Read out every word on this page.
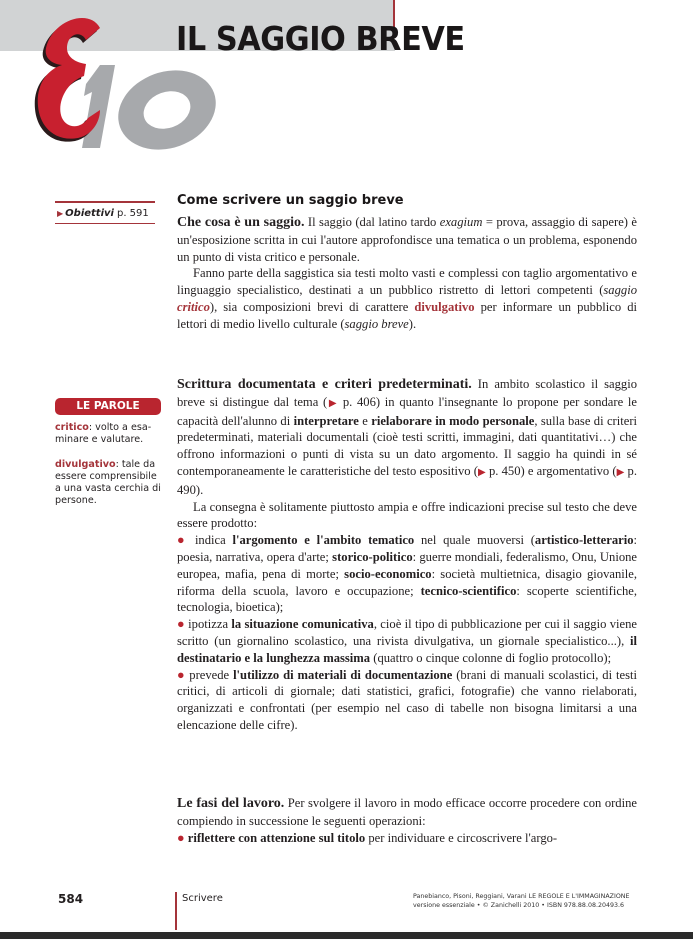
IL SAGGIO BREVE
▶ Obiettivi p. 591
LE PAROLE
critico: volto a esaminare e valutare.
divulgativo: tale da essere comprensibile a una vasta cerchia di persone.
Come scrivere un saggio breve

Che cosa è un saggio. Il saggio (dal latino tardo exagium = prova, assaggio di sapere) è un'esposizione scritta in cui l'autore approfondisce una tematica o un problema, esponendo un punto di vista critico e personale.

Fanno parte della saggistica sia testi molto vasti e complessi con taglio argomentativo e linguaggio specialistico, destinati a un pubblico ristretto di lettori competenti (saggio critico), sia composizioni brevi di carattere divulgativo per informare un pubblico di lettori di medio livello culturale (saggio breve).

Scrittura documentata e criteri predeterminati. In ambito scolastico il saggio breve si distingue dal tema (▶ p. 406) in quanto l'insegnante lo propone per sondare le capacità dell'alunno di interpretare e rielaborare in modo personale, sulla base di criteri predeterminati, materiali documentali (cioè testi scritti, immagini, dati quantitativi…) che offrono informazioni o punti di vista su un dato argomento. Il saggio ha quindi in sé contemporaneamente le caratteristiche del testo espositivo (▶ p. 450) e argomentativo (▶ p. 490).

La consegna è solitamente piuttosto ampia e offre indicazioni precise sul testo che deve essere prodotto:

● indica l'argomento e l'ambito tematico nel quale muoversi (artistico-letterario: poesia, narrativa, opera d'arte; storico-politico: guerre mondiali, federalismo, Onu, Unione europea, mafia, pena di morte; socio-economico: società multietnica, disagio giovanile, riforma della scuola, lavoro e occupazione; tecnico-scientifico: scoperte scientifiche, tecnologia, bioetica);

● ipotizza la situazione comunicativa, cioè il tipo di pubblicazione per cui il saggio viene scritto (un giornalino scolastico, una rivista divulgativa, un giornale specialistico...), il destinatario e la lunghezza massima (quattro o cinque colonne di foglio protocollo);

● prevede l'utilizzo di materiali di documentazione (brani di manuali scolastici, di testi critici, di articoli di giornale; dati statistici, grafici, fotografie) che vanno rielaborati, organizzati e confrontati (per esempio nel caso di tabelle non bisogna limitarsi a una elencazione delle cifre).

Le fasi del lavoro. Per svolgere il lavoro in modo efficace occorre procedere con ordine compiendo in successione le seguenti operazioni:

● riflettere con attenzione sul titolo per individuare e circoscrivere l'argo-

584	Scrivere	Panebianco, Pisoni, Reggiani, Varani LE REGOLE E L'IMMAGINAZIONE
versione essenziale • © Zanichelli 2010 • ISBN 978.88.08.20493.6
